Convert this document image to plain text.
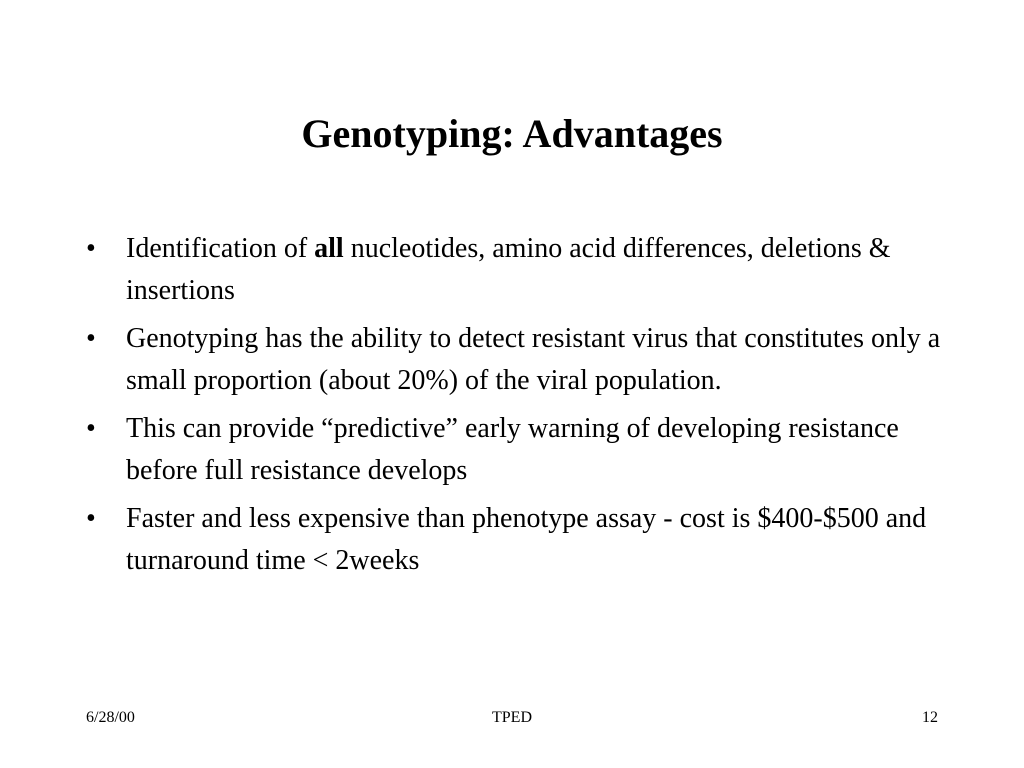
Genotyping: Advantages
•	Identification of all nucleotides, amino acid differences, deletions & insertions
•	Genotyping has the ability to detect resistant virus that constitutes only a small proportion (about 20%) of the viral population.
•	This can provide “predictive” early warning of developing resistance before full resistance develops
•	Faster and less expensive than phenotype assay - cost is $400-$500 and turnaround time < 2weeks
6/28/00	TPED	12
